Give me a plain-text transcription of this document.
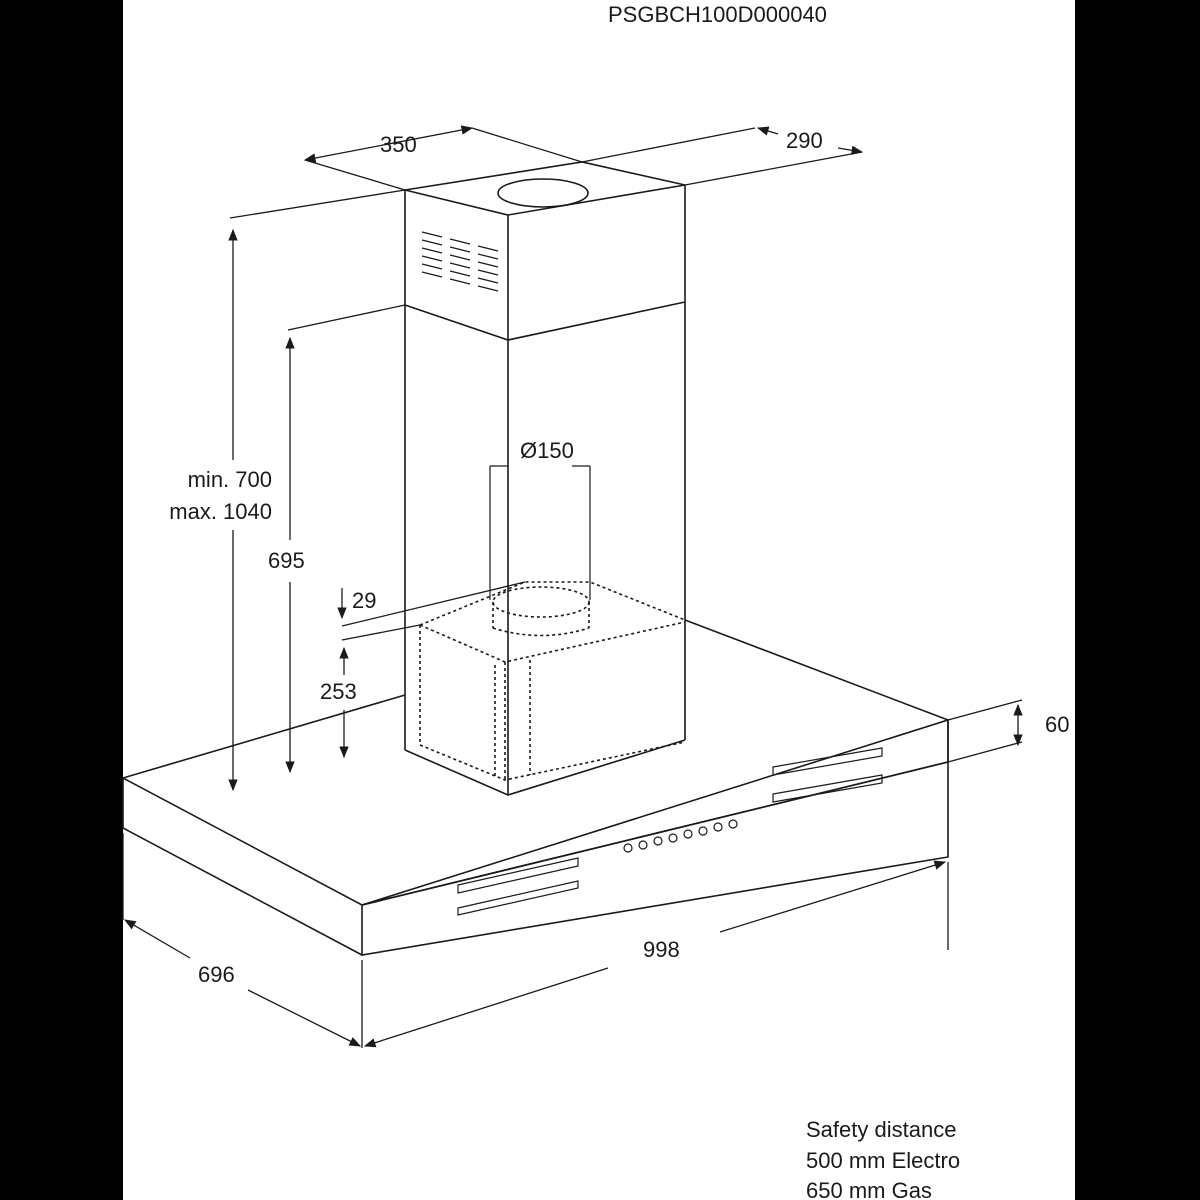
PSGBCH100D000040
350	290
min. 700
max. 1040
695
Ø150
29
253
60
998
696
Safety distance
500 mm Electro
650 mm Gas
